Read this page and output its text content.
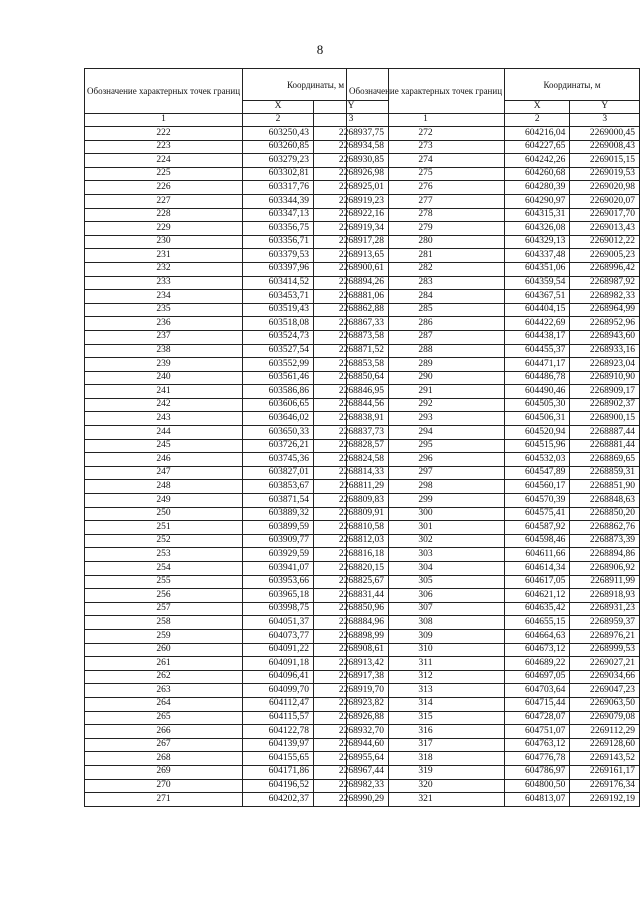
8
Обозначение характерных точек границ	Координаты, м	
	X	Y
1	2	3
222	603250,43	2268937,75
223	603260,85	2268934,58
224	603279,23	2268930,85
225	603302,81	2268926,98
226	603317,76	2268925,01
227	603344,39	2268919,23
228	603347,13	2268922,16
229	603356,75	2268919,34
230	603356,71	2268917,28
231	603379,53	2268913,65
232	603397,96	2268900,61
233	603414,52	2268894,26
234	603453,71	2268881,06
235	603519,43	2268862,88
236	603518,08	2268867,33
237	603524,73	2268873,58
238	603527,54	2268871,52
239	603552,99	2268853,58
240	603561,46	2268850,64
241	603586,86	2268846,95
242	603606,65	2268844,56
243	603646,02	2268838,91
244	603650,33	2268837,73
245	603726,21	2268828,57
246	603745,36	2268824,58
247	603827,01	2268814,33
248	603853,67	2268811,29
249	603871,54	2268809,83
250	603889,32	2268809,91
251	603899,59	2268810,58
252	603909,77	2268812,03
253	603929,59	2268816,18
254	603941,07	2268820,15
255	603953,66	2268825,67
256	603965,18	2268831,44
257	603998,75	2268850,96
258	604051,37	2268884,96
259	604073,77	2268898,99
260	604091,22	2268908,61
261	604091,18	2268913,42
262	604096,41	2268917,38
263	604099,70	2268919,70
264	604112,47	2268923,82
265	604115,57	2268926,88
266	604122,78	2268932,70
267	604139,97	2268944,60
268	604155,65	2268955,64
269	604171,86	2268967,44
270	604196,52	2268982,33
271	604202,37	2268990,29
Обозначение характерных точек границ	Координаты, м	
	X	Y
1	2	3
272	604216,04	2269000,45
273	604227,65	2269008,43
274	604242,26	2269015,15
275	604260,68	2269019,53
276	604280,39	2269020,98
277	604290,97	2269020,07
278	604315,31	2269017,70
279	604326,08	2269013,43
280	604329,13	2269012,22
281	604337,48	2269005,23
282	604351,06	2268996,42
283	604359,54	2268987,92
284	604367,51	2268982,33
285	604404,15	2268964,99
286	604422,69	2268952,96
287	604438,17	2268943,60
288	604455,37	2268933,16
289	604471,17	2268923,04
290	604486,78	2268910,90
291	604490,46	2268909,17
292	604505,30	2268902,37
293	604506,31	2268900,15
294	604520,94	2268887,44
295	604515,96	2268881,44
296	604532,03	2268869,65
297	604547,89	2268859,31
298	604560,17	2268851,90
299	604570,39	2268848,63
300	604575,41	2268850,20
301	604587,92	2268862,76
302	604598,46	2268873,39
303	604611,66	2268894,86
304	604614,34	2268906,92
305	604617,05	2268911,99
306	604621,12	2268918,93
307	604635,42	2268931,23
308	604655,15	2268959,37
309	604664,63	2268976,21
310	604673,12	2268999,53
311	604689,22	2269027,21
312	604697,05	2269034,66
313	604703,64	2269047,23
314	604715,44	2269063,50
315	604728,07	2269079,08
316	604751,07	2269112,29
317	604763,12	2269128,60
318	604776,78	2269143,52
319	604786,97	2269161,17
320	604800,50	2269176,34
321	604813,07	2269192,19
